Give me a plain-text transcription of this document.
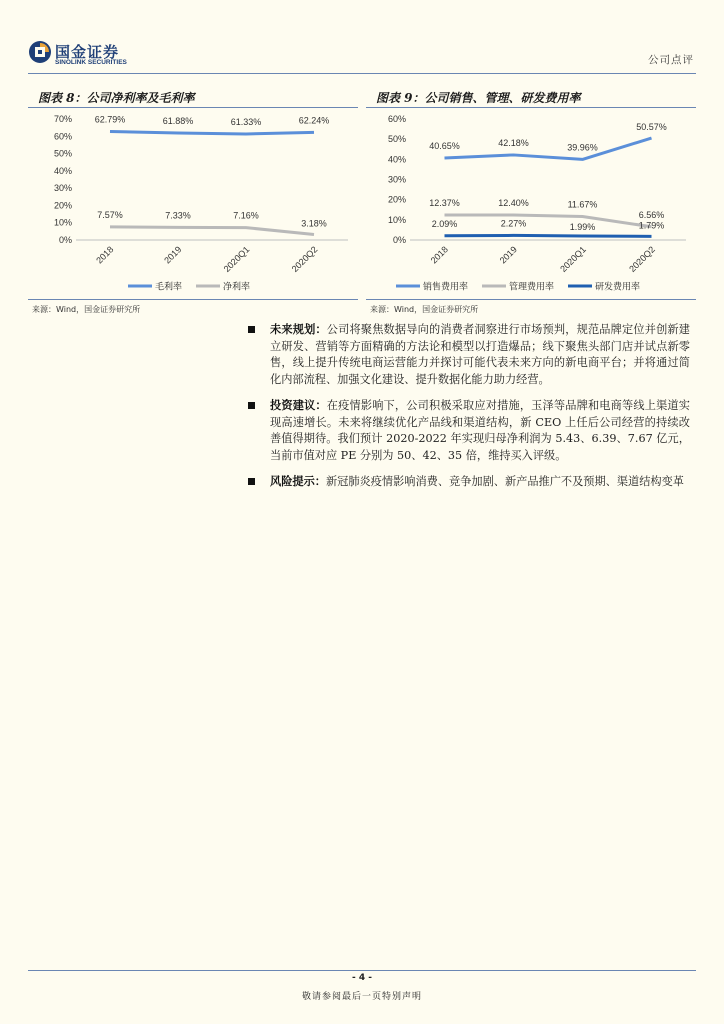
国金证券
SINOLINK SECURITIES	公司点评
图表 8：公司净利率及毛利率
0%
10%
20%
30%
40%
50%
60%
70%
2018	2019	2020Q1	2020Q2
62.79%	61.88%	61.33%	62.24%
7.57%	7.33%	7.16%
3.18%
毛利率	净利率
来源：Wind，国金证券研究所
图表 9：公司销售、管理、研发费用率
0%
10%
20%
30%
40%
50%
60%
2018	2019	2020Q1	2020Q2
40.65%	42.18%	39.96%
50.57%
12.37%	12.40%	11.67%
6.56%
2.09%	2.27%	1.99%	1.79%
销售费用率	管理费用率	研发费用率
来源：Wind，国金证券研究所

未来规划：公司将聚焦数据导向的消费者洞察进行市场预判，规范品牌定位并创新建立研发、营销等方面精确的方法论和模型以打造爆品；线下聚焦头部门店并试点新零售，线上提升传统电商运营能力并探讨可能代表未来方向的新电商平台；并将通过简化内部流程、加强文化建设、提升数据化能力助力经营。

投资建议：在疫情影响下，公司积极采取应对措施，玉泽等品牌和电商等线上渠道实现高速增长。未来将继续优化产品线和渠道结构，新 CEO 上任后公司经营的持续改善值得期待。我们预计 2020-2022 年实现归母净利润为 5.43、6.39、7.67 亿元，当前市值对应 PE 分别为 50、42、35 倍，维持买入评级。

风险提示：新冠肺炎疫情影响消费、竞争加剧、新产品推广不及预期、渠道结构变革

- 4 -
敬请参阅最后一页特别声明
